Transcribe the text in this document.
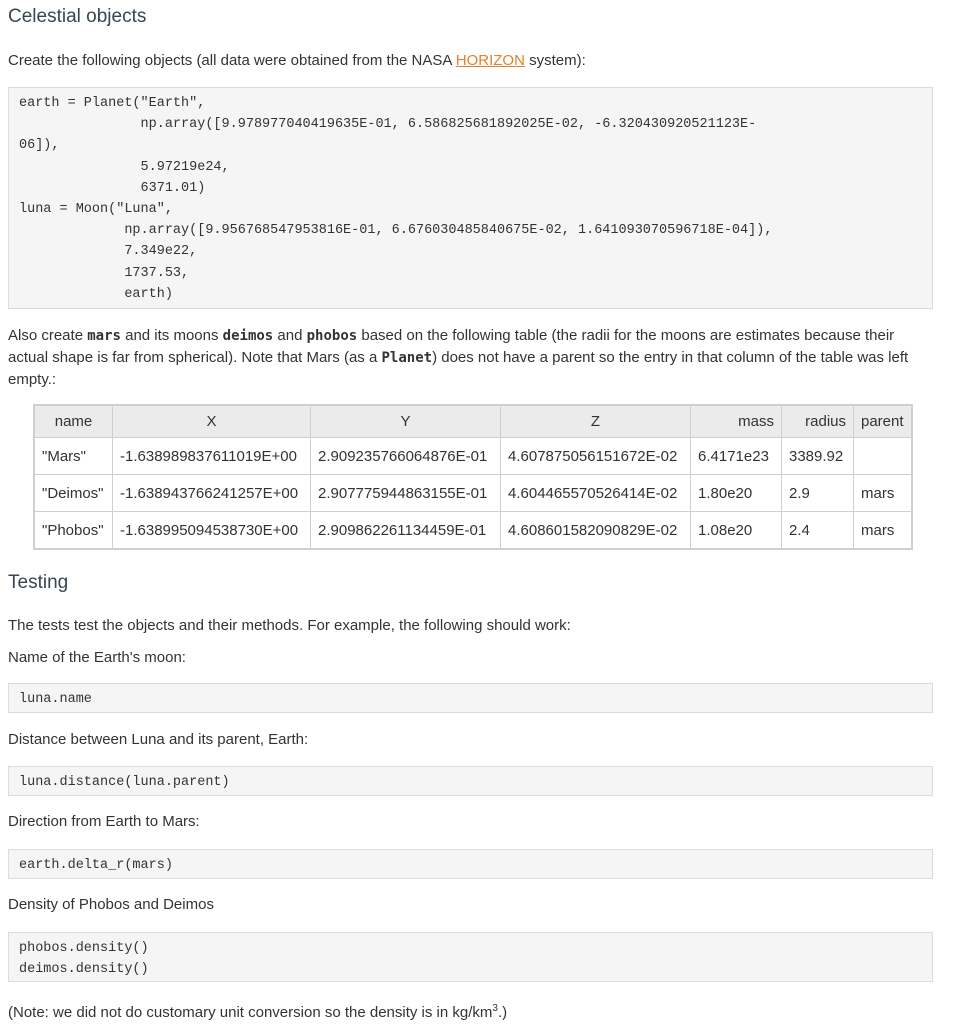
Celestial objects

Create the following objects (all data were obtained from the NASA HORIZON system):

earth = Planet("Earth",
np.array([9.978977040419635E-01, 6.586825681892025E-02, -6.320430920521123E-
06]),
5.97219e24,
6371.01)
luna = Moon("Luna",
np.array([9.956768547953816E-01, 6.676030485840675E-02, 1.641093070596718E-04]),
7.349e22,
1737.53,
earth)

Also create mars and its moons deimos and phobos based on the following table (the radii for the moons are estimates because their actual shape is far from spherical). Note that Mars (as a Planet) does not have a parent so the entry in that column of the table was left empty.:

name	X	Y	Z	mass	radius	parent
"Mars"	-1.638989837611019E+00	2.909235766064876E-01	4.607875056151672E-02	6.4171e23	3389.92	
"Deimos"	-1.638943766241257E+00	2.907775944863155E-01	4.604465570526414E-02	1.80e20	2.9	mars
"Phobos"	-1.638995094538730E+00	2.909862261134459E-01	4.608601582090829E-02	1.08e20	2.4	mars
Testing

The tests test the objects and their methods. For example, the following should work:

Name of the Earth's moon:

luna.name

Distance between Luna and its parent, Earth:

luna.distance(luna.parent)

Direction from Earth to Mars:

earth.delta_r(mars)

Density of Phobos and Deimos

phobos.density()
deimos.density()

(Note: we did not do customary unit conversion so the density is in $kg/km^3$.)
